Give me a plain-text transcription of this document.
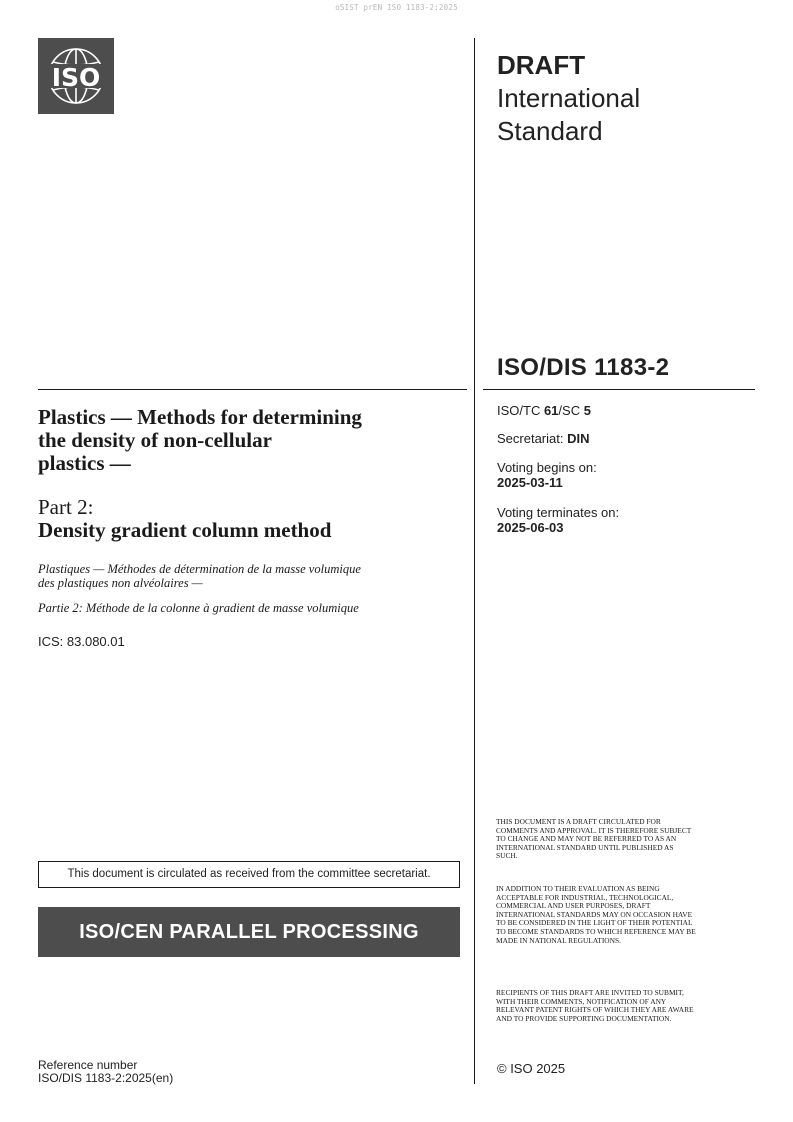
oSIST prEN ISO 1183-2:2025
ISO	DRAFT
International
Standard
ISO/DIS 1183-2
ISO/TC 61/SC 5
Secretariat: DIN
Voting begins on:
2025-03-11
Voting terminates on:
2025-06-03
Plastics — Methods for determining
the density of non-cellular
plastics —
Part 2:
Density gradient column method
Plastiques — Méthodes de détermination de la masse volumique
des plastiques non alvéolaires —
Partie 2: Méthode de la colonne à gradient de masse volumique
ICS: 83.080.01
This document is circulated as received from the committee secretariat.
ISO/CEN PARALLEL PROCESSING
THIS DOCUMENT IS A DRAFT CIRCULATED FOR COMMENTS AND APPROVAL. IT IS THEREFORE SUBJECT TO CHANGE AND MAY NOT BE REFERRED TO AS AN INTERNATIONAL STANDARD UNTIL PUBLISHED AS SUCH.
IN ADDITION TO THEIR EVALUATION AS BEING ACCEPTABLE FOR INDUSTRIAL, TECHNOLOGICAL, COMMERCIAL AND USER PURPOSES, DRAFT INTERNATIONAL STANDARDS MAY ON OCCASION HAVE TO BE CONSIDERED IN THE LIGHT OF THEIR POTENTIAL TO BECOME STANDARDS TO WHICH REFERENCE MAY BE MADE IN NATIONAL REGULATIONS.
RECIPIENTS OF THIS DRAFT ARE INVITED TO SUBMIT, WITH THEIR COMMENTS, NOTIFICATION OF ANY RELEVANT PATENT RIGHTS OF WHICH THEY ARE AWARE AND TO PROVIDE SUPPORTING DOCUMENTATION.
© ISO 2025
Reference number
ISO/DIS 1183-2:2025(en)
